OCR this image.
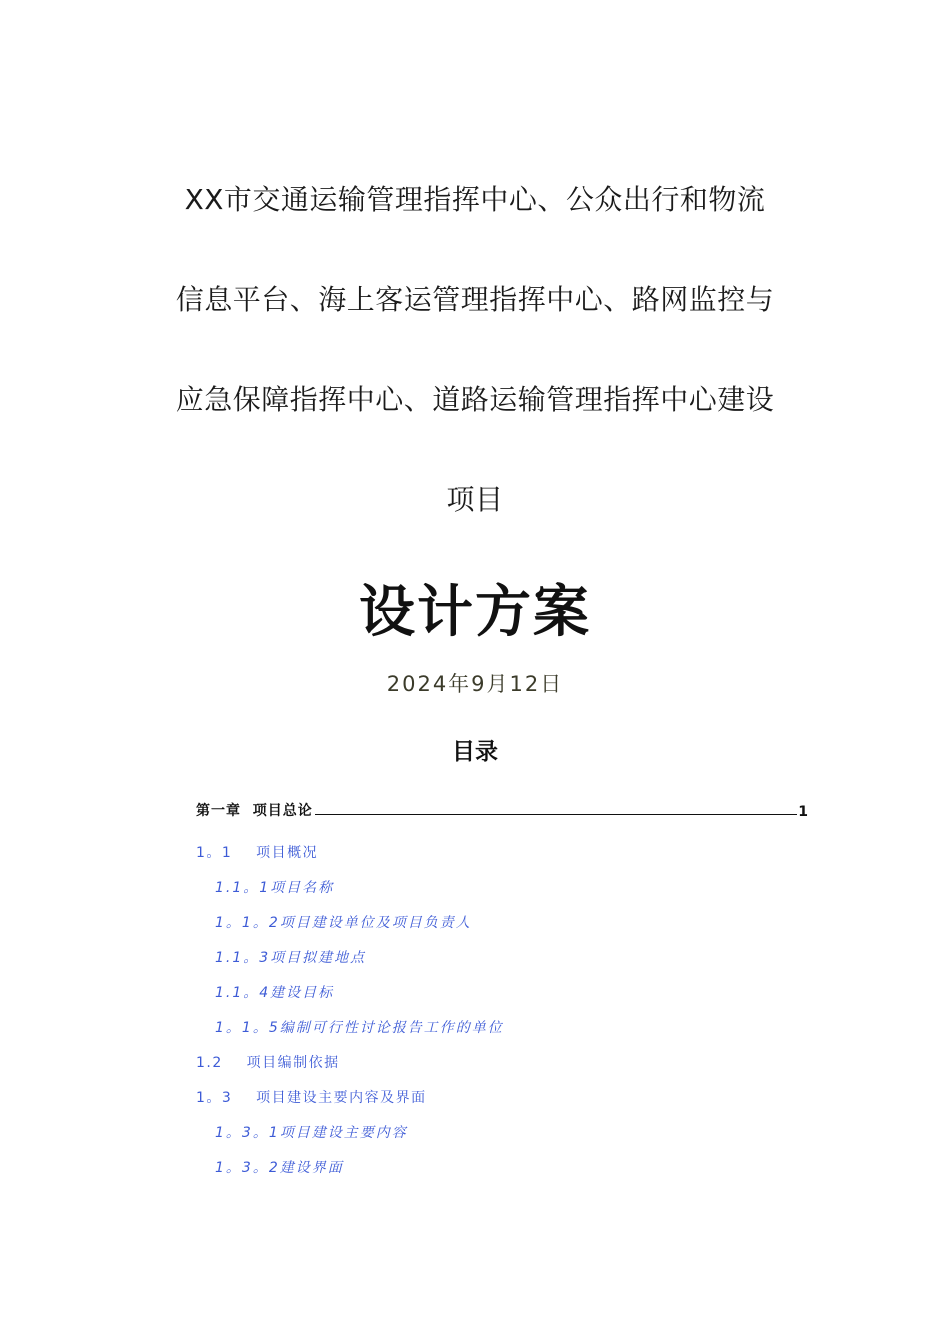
XX市交通运输管理指挥中心、公众出行和物流
信息平台、海上客运管理指挥中心、路网监控与
应急保障指挥中心、道路运输管理指挥中心建设
项目
设计方案
2024年9月12日
目录
第一章  项目总论	1
1。1    项目概况
1.1。1项目名称
1。1。2项目建设单位及项目负责人
1.1。3项目拟建地点
1.1。4建设目标
1。1。5编制可行性讨论报告工作的单位
1.2    项目编制依据
1。3    项目建设主要内容及界面
1。3。1项目建设主要内容
1。3。2建设界面
